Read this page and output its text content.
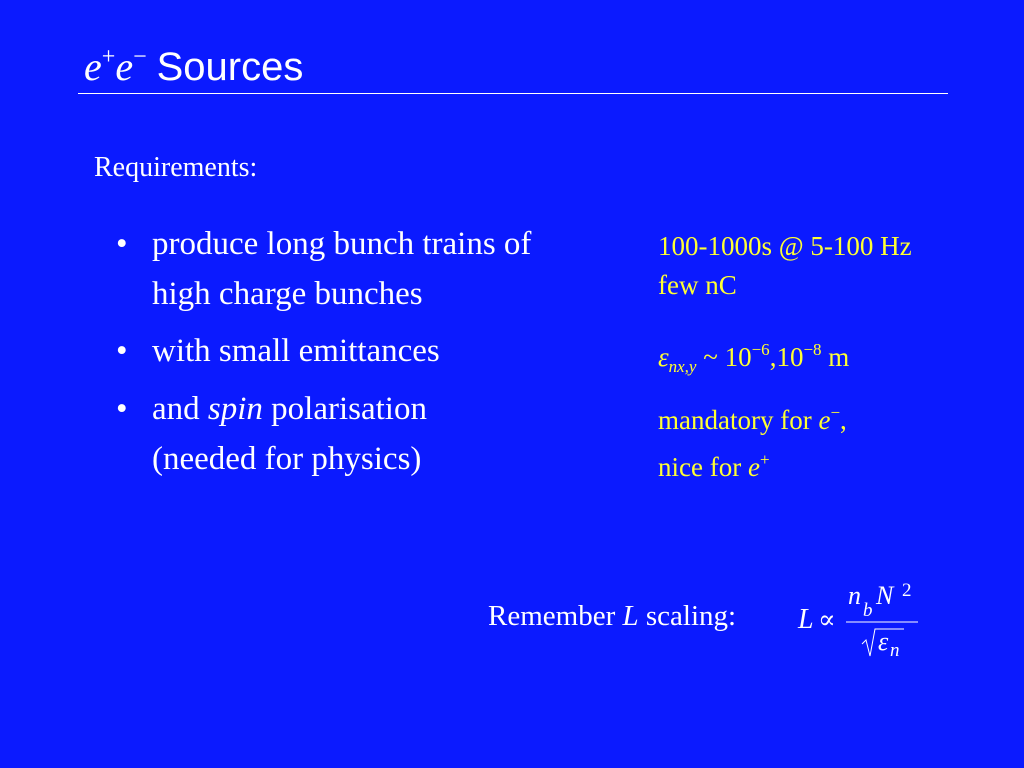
e+e− Sources
Requirements:
• produce long bunch trains of
high charge bunches
• with small emittances
• and spin polarisation
(needed for physics)
100-1000s @ 5-100 Hz
few nC
$\varepsilon_{nx,y}$ ~ $10^{-6},10^{-8}$ m
mandatory for e−,
nice for e+
Remember L scaling: L ∝
n
b
N 2
ε n
